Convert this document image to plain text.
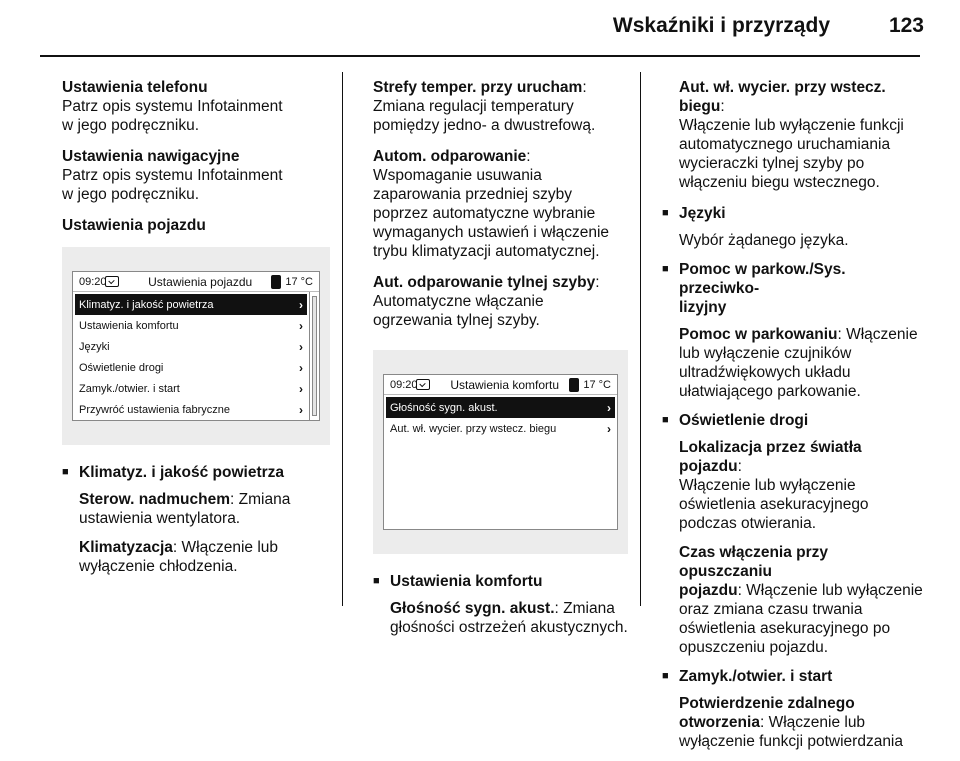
Wskaźniki i przyrządy	123
Ustawienia telefonu
Patrz opis systemu Infotainment
w jego podręczniku.
Ustawienia nawigacyjne
Patrz opis systemu Infotainment
w jego podręczniku.
Ustawienia pojazdu
09:20	Ustawienia pojazdu	17 °C
Klimatyz. i jakość powietrza	›
Ustawienia komfortu	›
Języki	›
Oświetlenie drogi	›
Zamyk./otwier. i start	›
Przywróć ustawienia fabryczne	›
■ Klimatyz. i jakość powietrza
Sterow. nadmuchem: Zmiana
ustawienia wentylatora.
Klimatyzacja: Włączenie lub
wyłączenie chłodzenia.
Strefy temper. przy urucham:
Zmiana regulacji temperatury
pomiędzy jedno- a dwustrefową.
Autom. odparowanie:
Wspomaganie usuwania
zaparowania przedniej szyby
poprzez automatyczne wybranie
wymaganych ustawień i włączenie
trybu klimatyzacji automatycznej.
Aut. odparowanie tylnej szyby:
Automatyczne włączanie
ogrzewania tylnej szyby.
09:20	Ustawienia komfortu	17 °C
Głośność sygn. akust.	›
Aut. wł. wycier. przy wstecz. biegu	›
■ Ustawienia komfortu
Głośność sygn. akust.: Zmiana
głośności ostrzeżeń akustycznych.
Aut. wł. wycier. przy wstecz. biegu:
Włączenie lub wyłączenie funkcji
automatycznego uruchamiania
wycieraczki tylnej szyby po
włączeniu biegu wstecznego.
■ Języki
Wybór żądanego języka.
■ Pomoc w parkow./Sys. przeciwko-
lizyjny
Pomoc w parkowaniu: Włączenie
lub wyłączenie czujników
ultradźwiękowych układu
ułatwiającego parkowanie.
■ Oświetlenie drogi
Lokalizacja przez światła pojazdu:
Włączenie lub wyłączenie
oświetlenia asekuracyjnego
podczas otwierania.
Czas włączenia przy opuszczaniu
pojazdu: Włączenie lub wyłączenie
oraz zmiana czasu trwania
oświetlenia asekuracyjnego po
opuszczeniu pojazdu.
■ Zamyk./otwier. i start
Potwierdzenie zdalnego
otworzenia: Włączenie lub
wyłączenie funkcji potwierdzania
